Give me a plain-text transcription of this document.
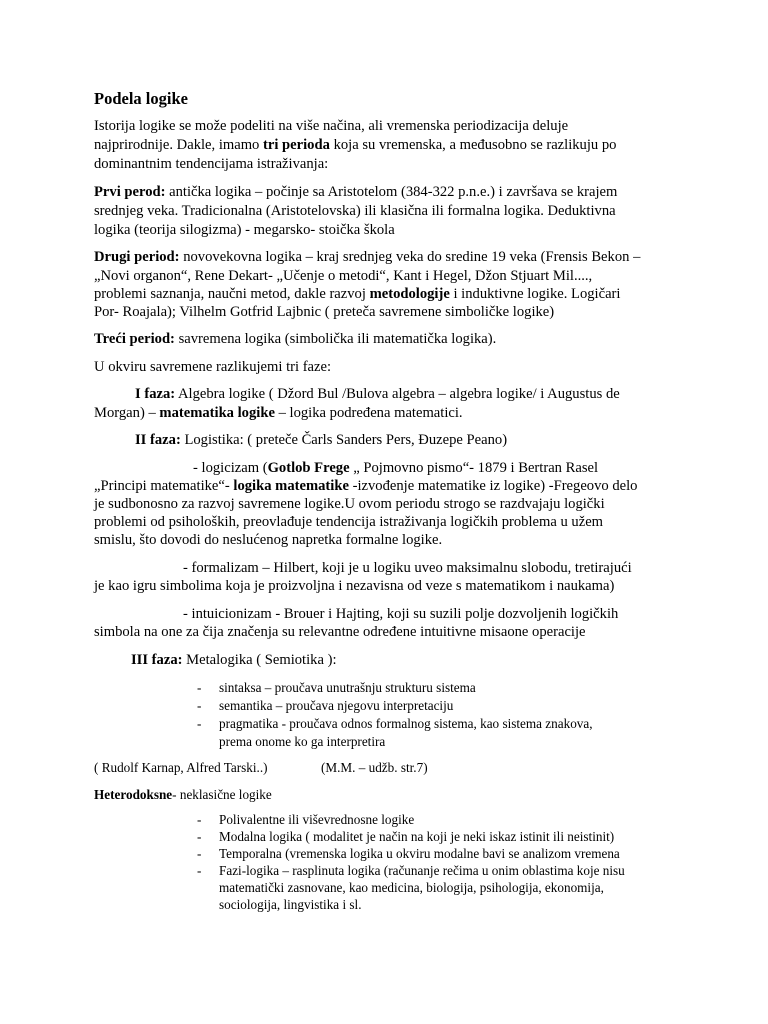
Podela logike

Istorija logike se može podeliti na više načina, ali vremenska periodizacija deluje

najprirodnije. Dakle, imamo tri perioda koja su vremenska, a međusobno se razlikuju po

dominantnim tendencijama istraživanja:

Prvi perod: antička logika – počinje sa Aristotelom (384-322 p.n.e.) i završava se krajem

srednjeg veka. Tradicionalna (Aristotelovska) ili klasična ili formalna logika. Deduktivna

logika (teorija silogizma) - megarsko- stoička škola

Drugi period: novovekovna logika – kraj srednjeg veka do sredine 19 veka (Frensis Bekon –

„Novi organon“, Rene Dekart- „Učenje o metodi“, Kant i Hegel, Džon Stjuart Mil....,

problemi saznanja, naučni metod, dakle razvoj metodologije i induktivne logike. Logičari

Por- Roajala); Vilhelm Gotfrid Lajbnic ( preteča savremene simboličke logike)

Treći period: savremena logika (simbolička ili matematička logika).

U okviru savremene razlikujemi tri faze:

I faza: Algebra logike ( Džord Bul /Bulova algebra – algebra logike/ i Augustus de

Morgan) – matematika logike – logika podređena matematici.

II faza: Logistika: ( preteče Čarls Sanders Pers, Đuzepe Peano)

- logicizam (Gotlob Frege „ Pojmovno pismo“- 1879 i Bertran Rasel

„Principi matematike“- logika matematike -izvođenje matematike iz logike) -Fregeovo delo

je sudbonosno za razvoj savremene logike.U ovom periodu strogo se razdvajaju logički

problemi od psiholoških, preovlađuje tendencija istraživanja logičkih problema u užem

smislu, što dovodi do neslućenog napretka formalne logike.

- formalizam – Hilbert, koji je u logiku uveo maksimalnu slobodu, tretirajući

je kao igru simbolima koja je proizvoljna i nezavisna od veze s matematikom i naukama)

- intuicionizam - Brouer i Hajting, koji su suzili polje dozvoljenih logičkih

simbola na one za čija značenja su relevantne određene intuitivne misaone operacije

III faza: Metalogika ( Semiotika ):

- sintaksa – proučava unutrašnju strukturu sistema

- semantika – proučava njegovu interpretaciju

- pragmatika - proučava odnos formalnog sistema, kao sistema znakova,

prema onome ko ga interpretira

( Rudolf Karnap, Alfred Tarski..)	(M.M. – udžb. str.7)

Heterodoksne- neklasične logike

- Polivalentne ili viševrednosne logike

- Modalna logika ( modalitet je način na koji je neki iskaz istinit ili neistinit)

- Temporalna (vremenska logika u okviru modalne bavi se analizom vremena

- Fazi-logika – rasplinuta logika (računanje rečima u onim oblastima koje nisu

matematički zasnovane, kao medicina, biologija, psihologija, ekonomija,

sociologija, lingvistika i sl.
